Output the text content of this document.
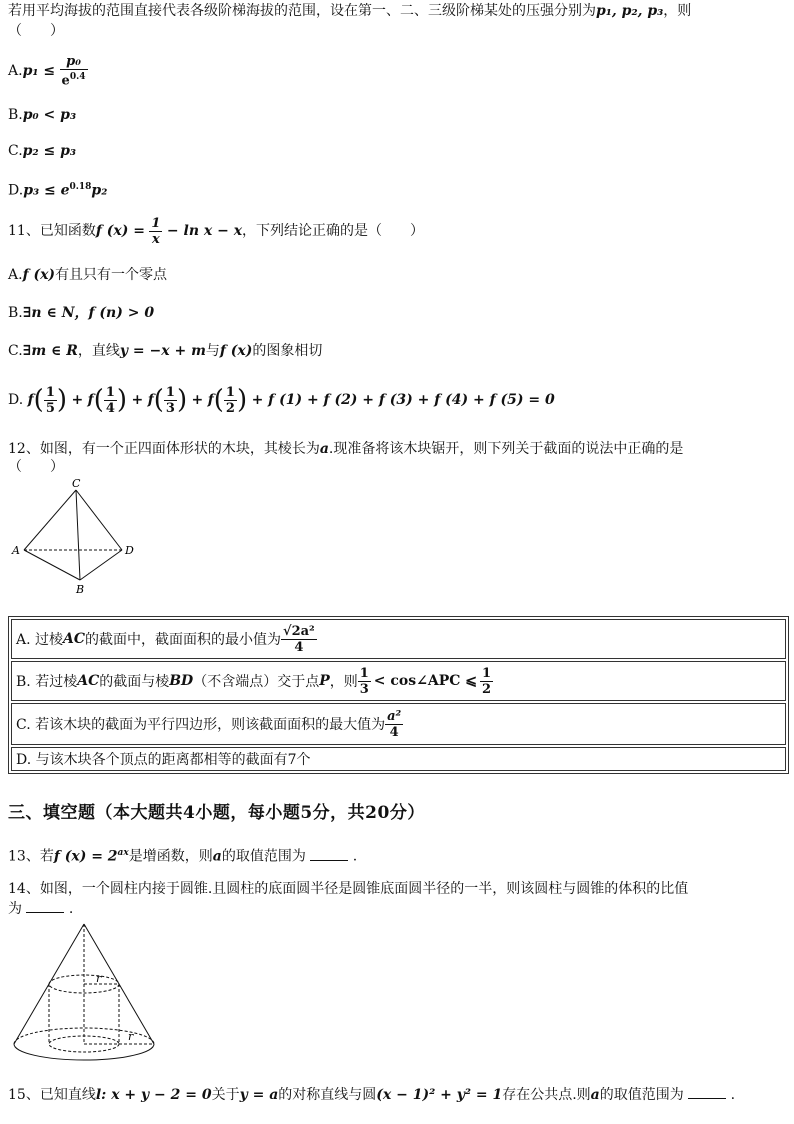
若用平均海拔的范围直接代表各级阶梯海拔的范围，设在第一、二、三级阶梯某处的压强分别为p₁, p₂, p₃，则
（　　）
$A.p_1 \le \frac{\text{p₀}}{e^{0.4}}$
B.p₀ < p₃
C.p₂ ≤ p₃
$D.p_3 \le e^{0.18}p_2$
11、已知函数f $(x) = \frac{1}{x} - \ln x - x$，下列结论正确的是（　　）
A.f (x)有且只有一个零点
B.∃n ∈ N，f (n) > 0
C.∃m ∈ R，直线y = −x + m与f (x)的图象相切
D. $f( \frac{1}{5}$ ) + $f( \frac{1}{4}$ ) + $f( \frac{1}{3}$ ) + $f( \frac{1}{2}$ ) + f (1) + f (2) + f (3) + f (4) + f (5) = 0
12、如图，有一个正四面体形状的木块，其棱长为a.现准备将该木块锯开，则下列关于截面的说法中正确的是
（　　）
C
A	D
B
A. 过棱 AC 的截面中，截面面积的最小值为 $\frac{\text{√2a²}}{4}$
B. 若过棱 AC 的截面与棱 BD （不含端点）交于点 P ，则 $\frac{1}{3}$ < cos∠APC ⩽ $\frac{1}{2}$
C. 若该木块的截面为平行四边形，则该截面面积的最大值为 $\frac{\text{a²}}{4}$
D. 与该木块各个顶点的距离都相等的截面有7个
三、填空题（本大题共4小题，每小题5分，共20分）
13、若f $(x) = 2^{ax}$是增函数，则a的取值范围为	.
14、如图，一个圆柱内接于圆锥.且圆柱的底面圆半径是圆锥底面圆半径的一半，则该圆柱与圆锥的体积的比值
为	.
r
r
15、已知直线l: x + y − 2 = 0关于y = a的对称直线与圆(x − 1)² + y² = 1存在公共点.则a的取值范围为	.
